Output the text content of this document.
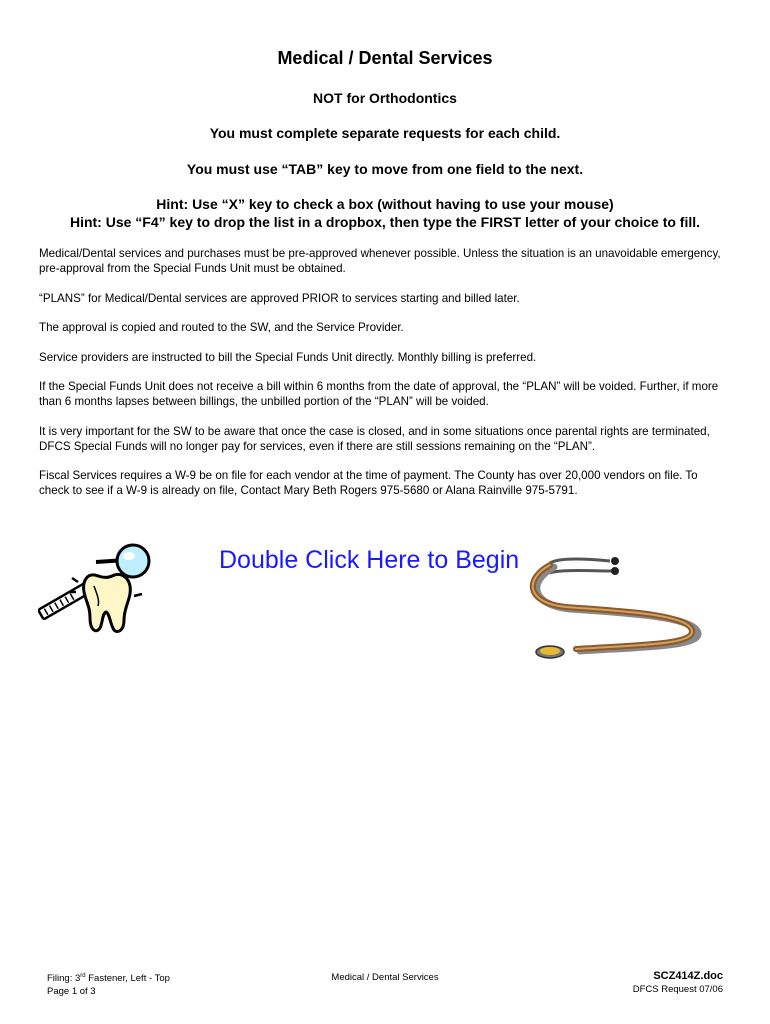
Medical / Dental Services
NOT for Orthodontics
You must complete separate requests for each child.
You must use “TAB” key to move from one field to the next.
Hint: Use “X” key to check a box (without having to use your mouse)
Hint: Use “F4” key to drop the list in a dropbox, then type the FIRST letter of your choice to fill.

Medical/Dental services and purchases must be pre-approved whenever possible. Unless the situation is an unavoidable emergency, pre-approval from the Special Funds Unit must be obtained.

“PLANS” for Medical/Dental services are approved PRIOR to services starting and billed later.

The approval is copied and routed to the SW, and the Service Provider.

Service providers are instructed to bill the Special Funds Unit directly. Monthly billing is preferred.

If the Special Funds Unit does not receive a bill within 6 months from the date of approval, the “PLAN” will be voided. Further, if more than 6 months lapses between billings, the unbilled portion of the “PLAN” will be voided.

It is very important for the SW to be aware that once the case is closed, and in some situations once parental rights are terminated, DFCS Special Funds will no longer pay for services, even if there are still sessions remaining on the “PLAN”.

Fiscal Services requires a W-9 be on file for each vendor at the time of payment. The County has over 20,000 vendors on file. To check to see if a W-9 is already on file, Contact Mary Beth Rogers 975-5680 or Alana Rainville 975-5791.

Double Click Here to Begin
Filing: 3rd Fastener, Left - Top
Page 1 of 3
Medical / Dental Services	SCZ414Z.doc
DFCS Request 07/06
